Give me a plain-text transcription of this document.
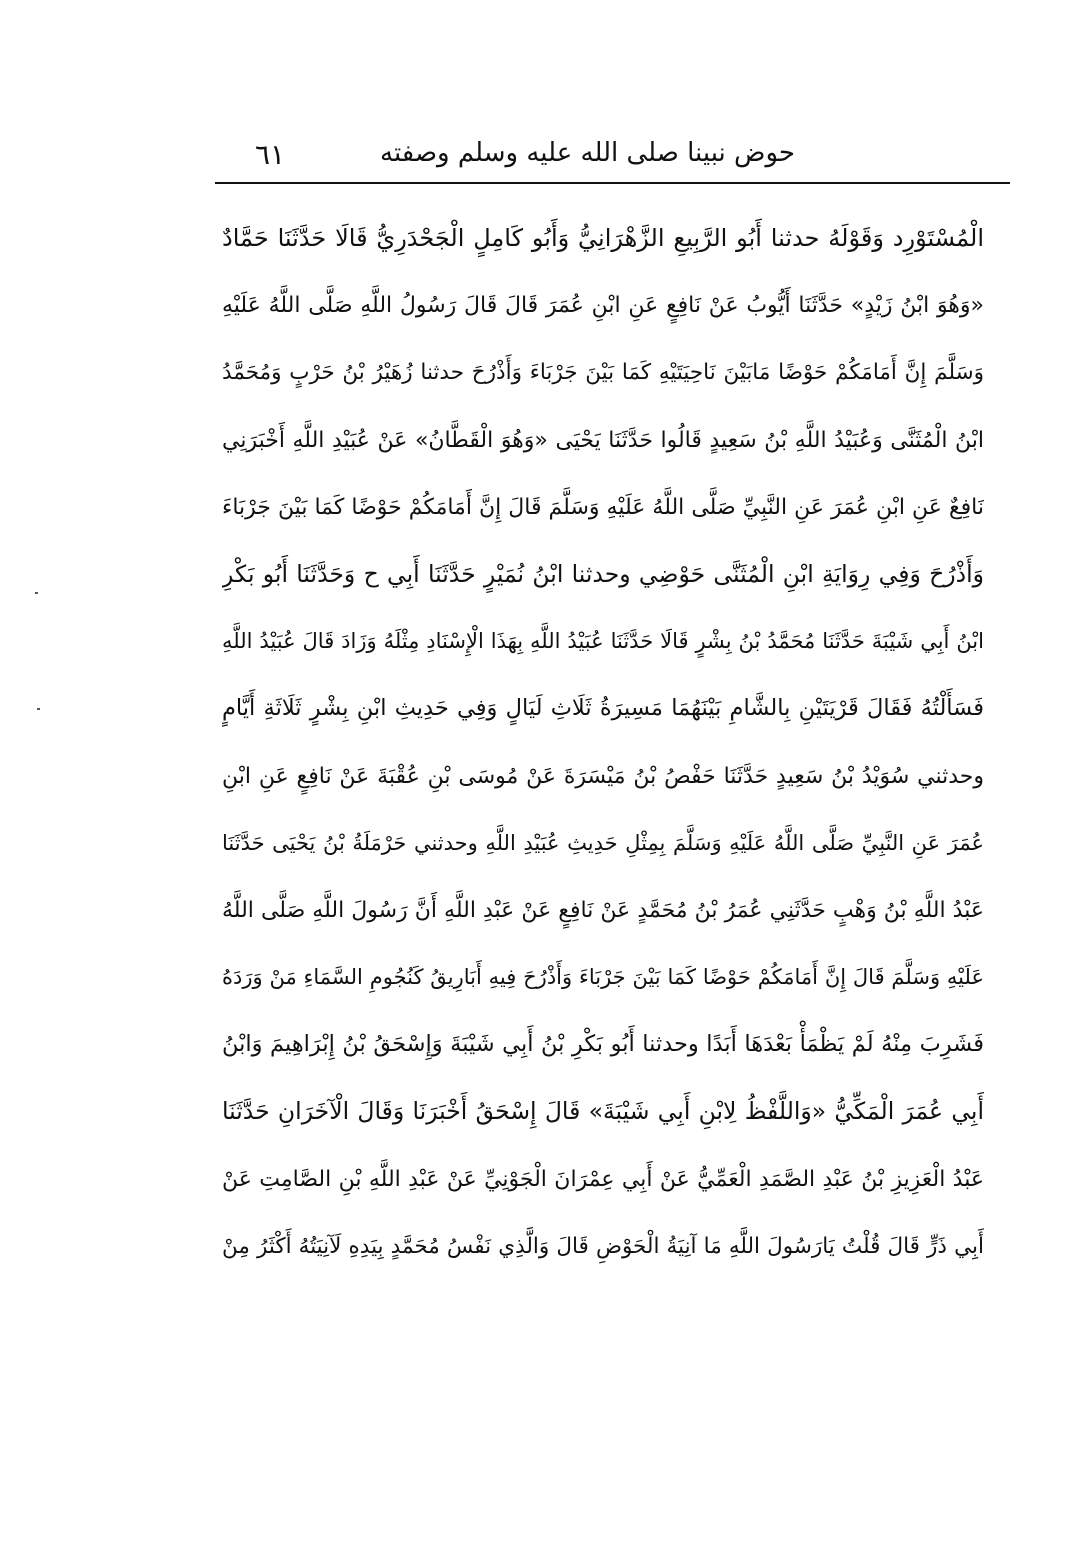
٦١	حوض نبينا صلى الله عليه وسلم وصفته
الْمُسْتَوْرِد وَقَوْلَهُ حدثنا أَبُو الرَّبِيعِ الزَّهْرَانِيُّ وَأَبُو كَامِلٍ الْجَحْدَرِيُّ قَالَا حَدَّثَنَا حَمَّادٌ
«وَهُوَ ابْنُ زَيْدٍ» حَدَّثَنَا أَيُّوبُ عَنْ نَافِعٍ عَنِ ابْنِ عُمَرَ قَالَ قَالَ رَسُولُ اللَّهِ صَلَّى اللَّهُ عَلَيْهِ
وَسَلَّمَ إِنَّ أَمَامَكُمْ حَوْضًا مَابَيْنَ نَاحِيَتَيْهِ كَمَا بَيْنَ جَرْبَاءَ وَأَذْرُحَ حدثنا زُهَيْرُ بْنُ حَرْبٍ وَمُحَمَّدُ
ابْنُ الْمُثَنَّى وَعُبَيْدُ اللَّهِ بْنُ سَعِيدٍ قَالُوا حَدَّثَنَا يَحْيَى «وَهُوَ الْقَطَّانُ» عَنْ عُبَيْدِ اللَّهِ أَخْبَرَنِي
نَافِعٌ عَنِ ابْنِ عُمَرَ عَنِ النَّبِيِّ صَلَّى اللَّهُ عَلَيْهِ وَسَلَّمَ قَالَ إِنَّ أَمَامَكُمْ حَوْضًا كَمَا بَيْنَ جَرْبَاءَ
وَأَذْرُحَ وَفِي رِوَايَةِ ابْنِ الْمُثَنَّى حَوْضِي وحدثنا ابْنُ نُمَيْرٍ حَدَّثَنَا أَبِي ح وَحَدَّثَنَا أَبُو بَكْرِ
ابْنُ أَبِي شَيْبَةَ حَدَّثَنَا مُحَمَّدُ بْنُ بِشْرٍ قَالَا حَدَّثَنَا عُبَيْدُ اللَّهِ بِهَذَا الْإِسْنَادِ مِثْلَهُ وَزَادَ قَالَ عُبَيْدُ اللَّهِ
فَسَأَلْتُهُ فَقَالَ قَرْيَتَيْنِ بِالشَّامِ بَيْنَهُمَا مَسِيرَةُ ثَلَاثِ لَيَالٍ وَفِي حَدِيثِ ابْنِ بِشْرٍ ثَلَاثَةِ أَيَّامٍ
وحدثني سُوَيْدُ بْنُ سَعِيدٍ حَدَّثَنَا حَفْصُ بْنُ مَيْسَرَةَ عَنْ مُوسَى بْنِ عُقْبَةَ عَنْ نَافِعٍ عَنِ ابْنِ
عُمَرَ عَنِ النَّبِيِّ صَلَّى اللَّهُ عَلَيْهِ وَسَلَّمَ بِمِثْلِ حَدِيثِ عُبَيْدِ اللَّهِ وحدثني حَرْمَلَةُ بْنُ يَحْيَى حَدَّثَنَا
عَبْدُ اللَّهِ بْنُ وَهْبٍ حَدَّثَنِي عُمَرُ بْنُ مُحَمَّدٍ عَنْ نَافِعٍ عَنْ عَبْدِ اللَّهِ أَنَّ رَسُولَ اللَّهِ صَلَّى اللَّهُ
عَلَيْهِ وَسَلَّمَ قَالَ إِنَّ أَمَامَكُمْ حَوْضًا كَمَا بَيْنَ جَرْبَاءَ وَأَذْرُحَ فِيهِ أَبَارِيقُ كَنُجُومِ السَّمَاءِ مَنْ وَرَدَهُ
فَشَرِبَ مِنْهُ لَمْ يَظْمَأْ بَعْدَهَا أَبَدًا وحدثنا أَبُو بَكْرِ بْنُ أَبِي شَيْبَةَ وَإِسْحَقُ بْنُ إِبْرَاهِيمَ وَابْنُ
أَبِي عُمَرَ الْمَكِّيُّ «وَاللَّفْظُ لِابْنِ أَبِي شَيْبَةَ» قَالَ إِسْحَقُ أَخْبَرَنَا وَقَالَ الْآخَرَانِ حَدَّثَنَا
عَبْدُ الْعَزِيزِ بْنُ عَبْدِ الصَّمَدِ الْعَمِّيُّ عَنْ أَبِي عِمْرَانَ الْجَوْنِيِّ عَنْ عَبْدِ اللَّهِ بْنِ الصَّامِتِ عَنْ
أَبِي ذَرٍّ قَالَ قُلْتُ يَارَسُولَ اللَّهِ مَا آنِيَةُ الْحَوْضِ قَالَ وَالَّذِي نَفْسُ مُحَمَّدٍ بِيَدِهِ لَآنِيَتُهُ أَكْثَرُ مِنْ
